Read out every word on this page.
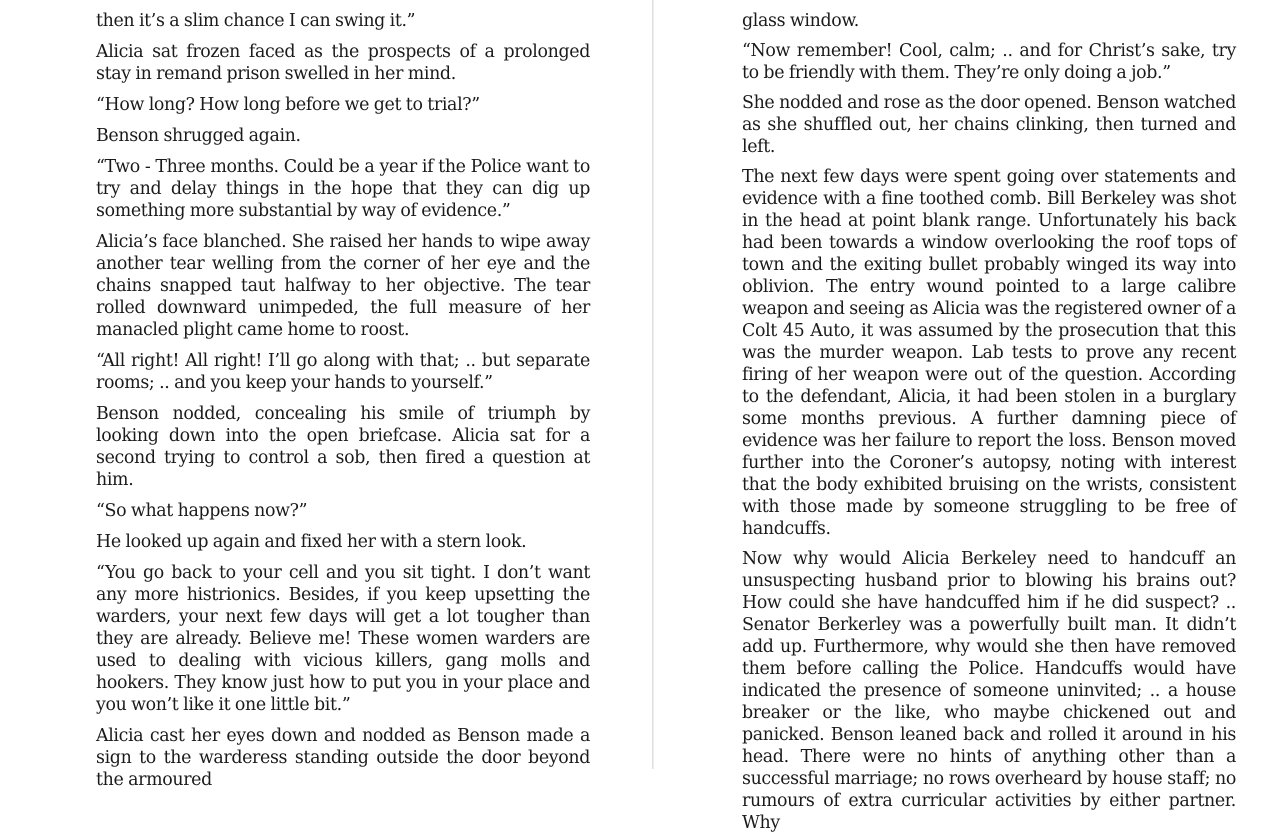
then it’s a slim chance I can swing it.”

Alicia sat frozen faced as the prospects of a prolonged stay in remand prison swelled in her mind.

“How long? How long before we get to trial?”

Benson shrugged again.

“Two - Three months. Could be a year if the Police want to try and delay things in the hope that they can dig up something more substantial by way of evidence.”

Alicia’s face blanched. She raised her hands to wipe away another tear welling from the corner of her eye and the chains snapped taut halfway to her objective. The tear rolled downward unimpeded, the full measure of her manacled plight came home to roost.

“All right! All right! I’ll go along with that; .. but separate rooms; .. and you keep your hands to yourself.”

Benson nodded, concealing his smile of triumph by looking down into the open briefcase. Alicia sat for a second trying to control a sob, then fired a question at him.

“So what happens now?”

He looked up again and fixed her with a stern look.

“You go back to your cell and you sit tight. I don’t want any more histrionics. Besides, if you keep upsetting the warders, your next few days will get a lot tougher than they are already. Believe me! These women warders are used to dealing with vicious killers, gang molls and hookers. They know just how to put you in your place and you won’t like it one little bit.”

Alicia cast her eyes down and nodded as Benson made a sign to the warderess standing outside the door beyond the armoured

glass window.

“Now remember! Cool, calm; .. and for Christ’s sake, try to be friendly with them. They’re only doing a job.”

She nodded and rose as the door opened. Benson watched as she shuffled out, her chains clinking, then turned and left.

The next few days were spent going over statements and evidence with a fine toothed comb. Bill Berkeley was shot in the head at point blank range. Unfortunately his back had been towards a window overlooking the roof tops of town and the exiting bullet probably winged its way into oblivion. The entry wound pointed to a large calibre weapon and seeing as Alicia was the registered owner of a Colt 45 Auto, it was assumed by the prosecution that this was the murder weapon. Lab tests to prove any recent firing of her weapon were out of the question. According to the defendant, Alicia, it had been stolen in a burglary some months previous. A further damning piece of evidence was her failure to report the loss. Benson moved further into the Coroner’s autopsy, noting with interest that the body exhibited bruising on the wrists, consistent with those made by someone struggling to be free of handcuffs.

Now why would Alicia Berkeley need to handcuff an unsuspecting husband prior to blowing his brains out? How could she have handcuffed him if he did suspect? .. Senator Berkerley was a powerfully built man. It didn’t add up. Furthermore, why would she then have removed them before calling the Police. Handcuffs would have indicated the presence of someone uninvited; .. a house breaker or the like, who maybe chickened out and panicked. Benson leaned back and rolled it around in his head. There were no hints of anything other than a successful marriage; no rows overheard by house staff; no rumours of extra curricular activities by either partner. Why
